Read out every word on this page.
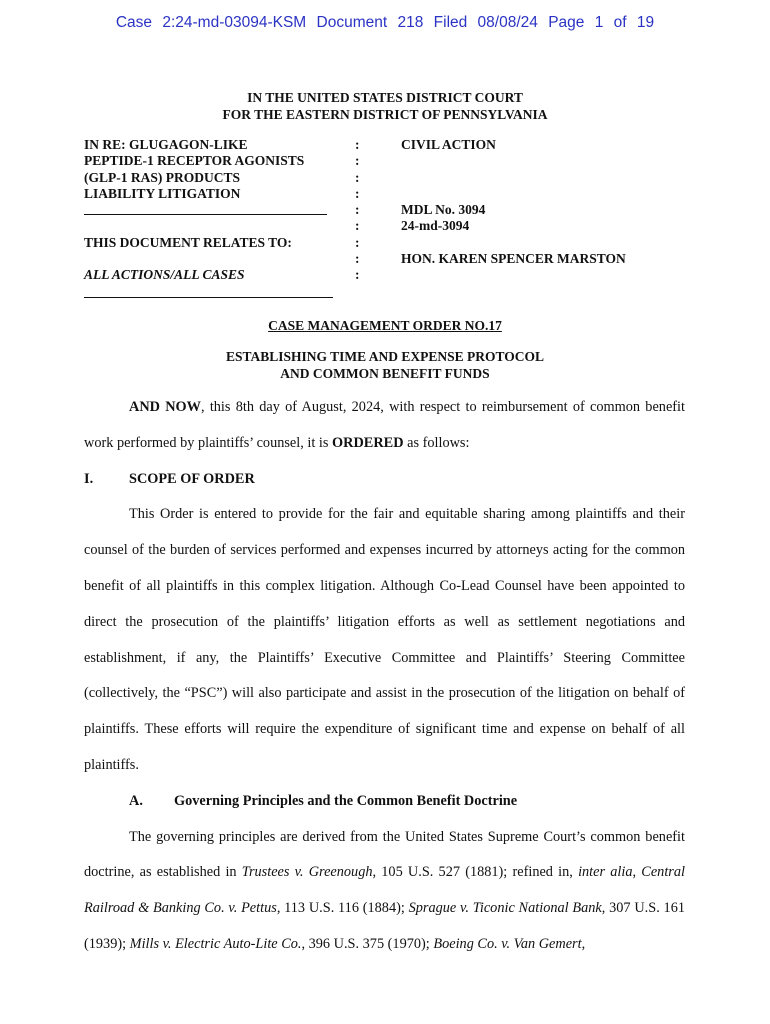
Case 2:24-md-03094-KSM Document 218 Filed 08/08/24 Page 1 of 19
IN THE UNITED STATES DISTRICT COURT
FOR THE EASTERN DISTRICT OF PENNSYLVANIA
IN RE: GLUGAGON-LIKE
PEPTIDE-1 RECEPTOR AGONISTS
(GLP-1 RAS) PRODUCTS
LIABILITY LITIGATION
THIS DOCUMENT RELATES TO:
ALL ACTIONS/ALL CASES
:
:
:
:
:
:
:
:
:
CIVIL ACTION
MDL No. 3094
24-md-3094
HON. KAREN SPENCER MARSTON
CASE MANAGEMENT ORDER NO.17
ESTABLISHING TIME AND EXPENSE PROTOCOL
AND COMMON BENEFIT FUNDS

AND NOW, this 8th day of August, 2024, with respect to reimbursement of common benefit work performed by plaintiffs’ counsel, it is ORDERED as follows:

I.	SCOPE OF ORDER

This Order is entered to provide for the fair and equitable sharing among plaintiffs and their counsel of the burden of services performed and expenses incurred by attorneys acting for the common benefit of all plaintiffs in this complex litigation. Although Co-Lead Counsel have been appointed to direct the prosecution of the plaintiffs’ litigation efforts as well as settlement negotiations and establishment, if any, the Plaintiffs’ Executive Committee and Plaintiffs’ Steering Committee (collectively, the “PSC”) will also participate and assist in the prosecution of the litigation on behalf of plaintiffs. These efforts will require the expenditure of significant time and expense on behalf of all plaintiffs.

A.	Governing Principles and the Common Benefit Doctrine

The governing principles are derived from the United States Supreme Court’s common benefit doctrine, as established in Trustees v. Greenough, 105 U.S. 527 (1881); refined in, inter alia, Central Railroad & Banking Co. v. Pettus, 113 U.S. 116 (1884); Sprague v. Ticonic National Bank, 307 U.S. 161 (1939); Mills v. Electric Auto-Lite Co., 396 U.S. 375 (1970); Boeing Co. v. Van Gemert,
